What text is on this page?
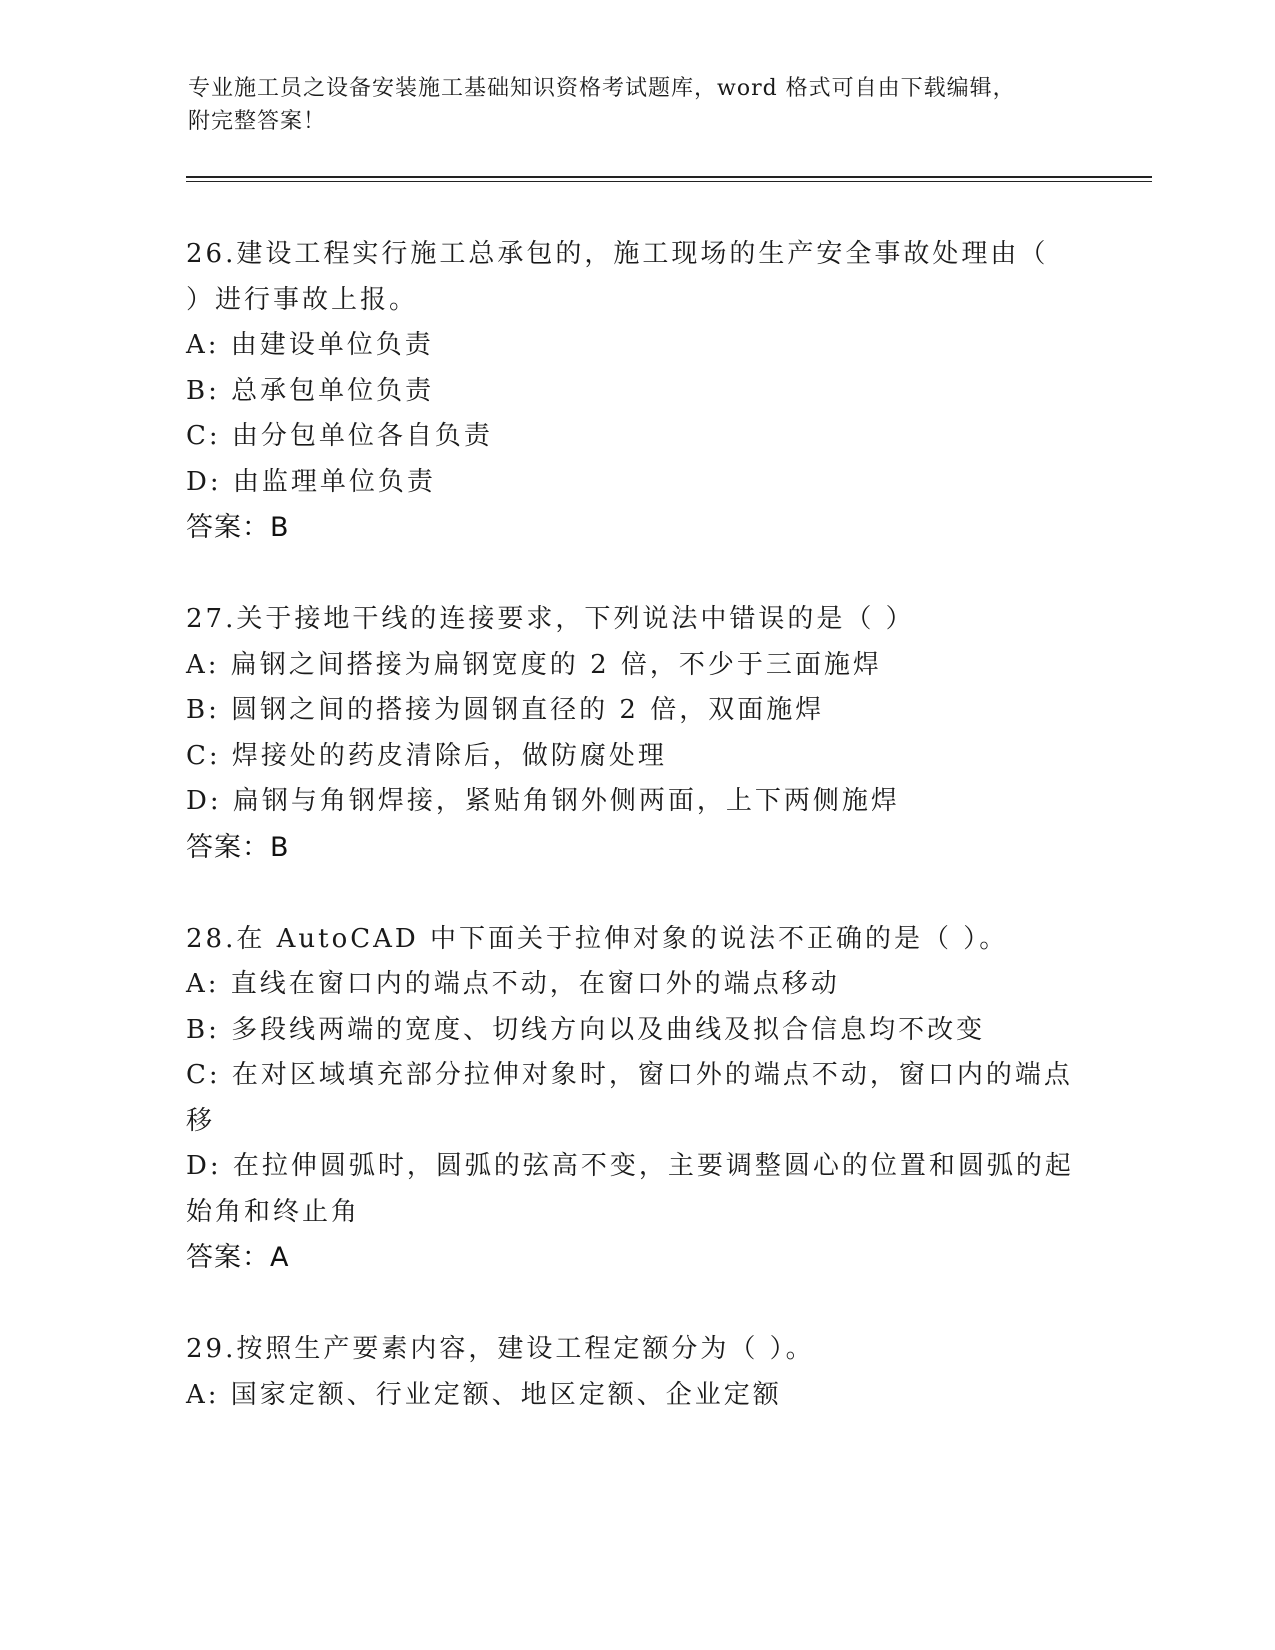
专业施工员之设备安装施工基础知识资格考试题库，word 格式可自由下载编辑，
附完整答案！
26.建设工程实行施工总承包的，施工现场的生产安全事故处理由（
）进行事故上报。
A: 由建设单位负责
B: 总承包单位负责
C: 由分包单位各自负责
D: 由监理单位负责
答案：B
27.关于接地干线的连接要求，下列说法中错误的是（ ）
A: 扁钢之间搭接为扁钢宽度的 2 倍，不少于三面施焊
B: 圆钢之间的搭接为圆钢直径的 2 倍，双面施焊
C: 焊接处的药皮清除后，做防腐处理
D: 扁钢与角钢焊接，紧贴角钢外侧两面，上下两侧施焊
答案：B
28.在 AutoCAD 中下面关于拉伸对象的说法不正确的是（ ）。
A: 直线在窗口内的端点不动，在窗口外的端点移动
B: 多段线两端的宽度、切线方向以及曲线及拟合信息均不改变
C: 在对区域填充部分拉伸对象时，窗口外的端点不动，窗口内的端点
移
D: 在拉伸圆弧时，圆弧的弦高不变，主要调整圆心的位置和圆弧的起
始角和终止角
答案：A
29.按照生产要素内容，建设工程定额分为（ ）。
A: 国家定额、行业定额、地区定额、企业定额
